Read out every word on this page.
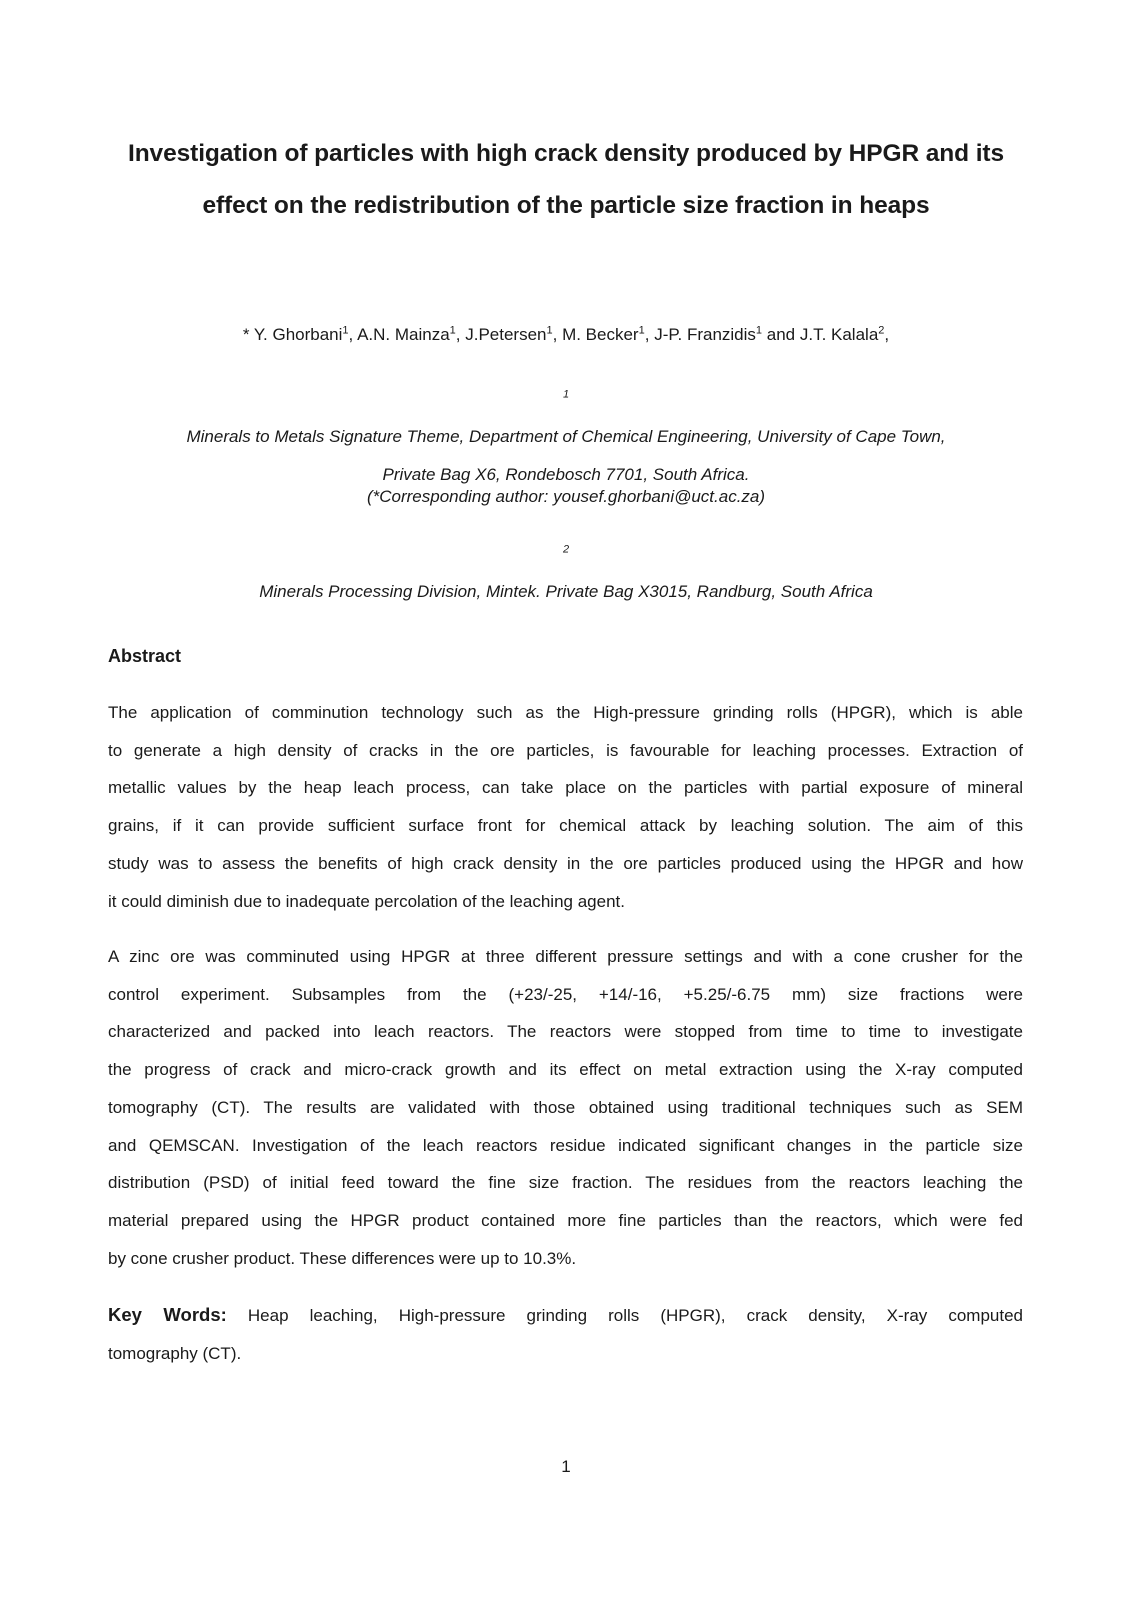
Investigation of particles with high crack density produced by HPGR and its
effect on the redistribution of the particle size fraction in heaps
* Y. Ghorbani$^1$, A.N. Mainza$^1$, J.Petersen$^1$, M. Becker$^1$, J-P. Franzidis$^1$ and J.T. Kalala$^2$,
$^1$
Minerals to Metals Signature Theme, Department of Chemical Engineering, University of Cape Town,
Private Bag X6, Rondebosch 7701, South Africa.
(*Corresponding author: yousef.ghorbani@uct.ac.za)
$^2$
Minerals Processing Division, Mintek. Private Bag X3015, Randburg, South Africa
Abstract
The application of comminution technology such as the High-pressure grinding rolls (HPGR), which is able
to generate a high density of cracks in the ore particles, is favourable for leaching processes. Extraction of
metallic values by the heap leach process, can take place on the particles with partial exposure of mineral
grains, if it can provide sufficient surface front for chemical attack by leaching solution. The aim of this
study was to assess the benefits of high crack density in the ore particles produced using the HPGR and how
it could diminish due to inadequate percolation of the leaching agent.
A zinc ore was comminuted using HPGR at three different pressure settings and with a cone crusher for the
control experiment. Subsamples from the (+23/-25, +14/-16, +5.25/-6.75 mm) size fractions were
characterized and packed into leach reactors. The reactors were stopped from time to time to investigate
the progress of crack and micro-crack growth and its effect on metal extraction using the X-ray computed
tomography (CT). The results are validated with those obtained using traditional techniques such as SEM
and QEMSCAN. Investigation of the leach reactors residue indicated significant changes in the particle size
distribution (PSD) of initial feed toward the fine size fraction. The residues from the reactors leaching the
material prepared using the HPGR product contained more fine particles than the reactors, which were fed
by cone crusher product. These differences were up to 10.3%.
Key Words: Heap leaching, High-pressure grinding rolls (HPGR), crack density, X-ray computed
tomography (CT).
1
